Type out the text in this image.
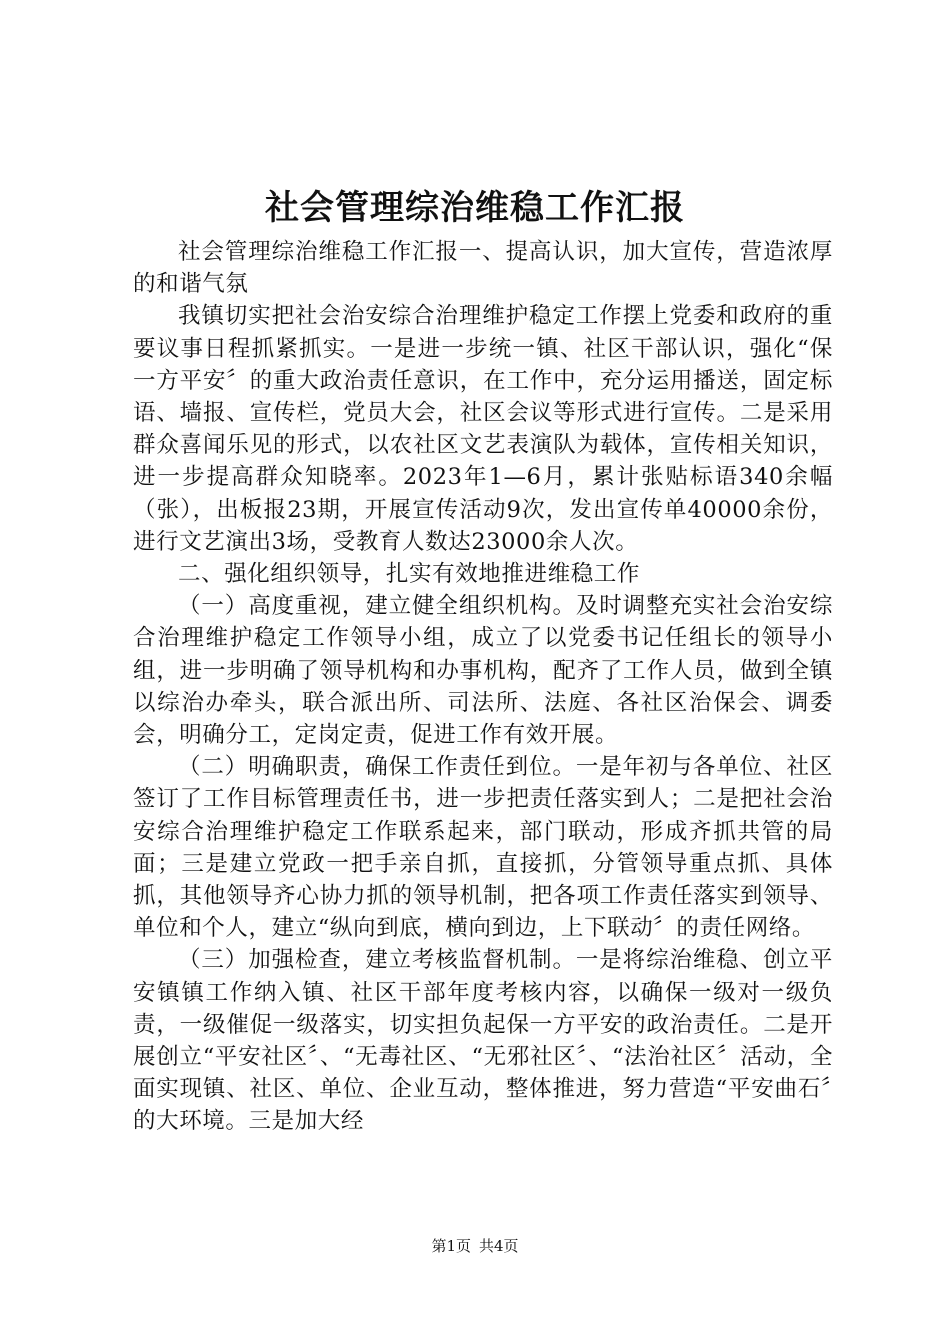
社会管理综治维稳工作汇报

社会管理综治维稳工作汇报一、提高认识，加大宣传，营造浓厚的和谐气氛

我镇切实把社会治安综合治理维护稳定工作摆上党委和政府的重要议事日程抓紧抓实。一是进一步统一镇、社区干部认识，强化“保一方平安〞的重大政治责任意识，在工作中，充分运用播送，固定标语、墙报、宣传栏，党员大会，社区会议等形式进行宣传。二是采用群众喜闻乐见的形式，以农社区文艺表演队为载体，宣传相关知识，进一步提高群众知晓率。2023年1—6月，累计张贴标语340余幅（张），出板报23期，开展宣传活动9次，发出宣传单40000余份，进行文艺演出3场，受教育人数达23000余人次。

二、强化组织领导，扎实有效地推进维稳工作

（一）高度重视，建立健全组织机构。及时调整充实社会治安综合治理维护稳定工作领导小组，成立了以党委书记任组长的领导小组，进一步明确了领导机构和办事机构，配齐了工作人员，做到全镇以综治办牵头，联合派出所、司法所、法庭、各社区治保会、调委会，明确分工，定岗定责，促进工作有效开展。

（二）明确职责，确保工作责任到位。一是年初与各单位、社区签订了工作目标管理责任书，进一步把责任落实到人；二是把社会治安综合治理维护稳定工作联系起来，部门联动，形成齐抓共管的局面；三是建立党政一把手亲自抓，直接抓，分管领导重点抓、具体抓，其他领导齐心协力抓的领导机制，把各项工作责任落实到领导、单位和个人，建立“纵向到底，横向到边，上下联动〞的责任网络。

（三）加强检查，建立考核监督机制。一是将综治维稳、创立平安镇镇工作纳入镇、社区干部年度考核内容，以确保一级对一级负责，一级催促一级落实，切实担负起保一方平安的政治责任。二是开展创立“平安社区〞、“无毒社区、“无邪社区〞、“法治社区〞活动，全面实现镇、社区、单位、企业互动，整体推进，努力营造“平安曲石〞的大环境。三是加大经

第1页 共4页
